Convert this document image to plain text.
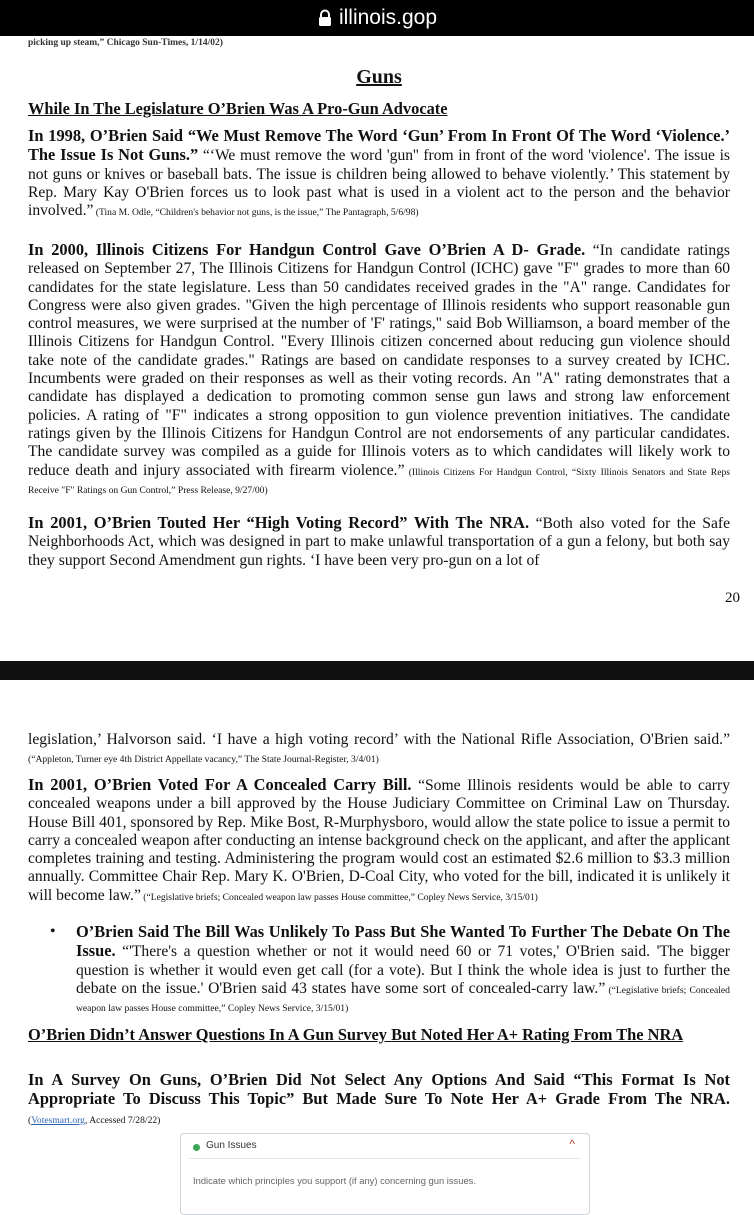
illinois.gop
picking up steam,” Chicago Sun-Times, 1/14/02)
Guns
While In The Legislature O’Brien Was A Pro-Gun Advocate

In 1998, O’Brien Said “We Must Remove The Word ‘Gun’ From In Front Of The Word ‘Violence.’ The Issue Is Not Guns.” “‘We must remove the word 'gun'' from in front of the word 'violence'. The issue is not guns or knives or baseball bats. The issue is children being allowed to behave violently.’ This statement by Rep. Mary Kay O'Brien forces us to look past what is used in a violent act to the person and the behavior involved.” (Tina M. Odle, “Children's behavior not guns, is the issue,” The Pantagraph, 5/6/98)

In 2000, Illinois Citizens For Handgun Control Gave O’Brien A D- Grade. “In candidate ratings released on September 27, The Illinois Citizens for Handgun Control (ICHC) gave "F" grades to more than 60 candidates for the state legislature. Less than 50 candidates received grades in the "A" range. Candidates for Congress were also given grades. "Given the high percentage of Illinois residents who support reasonable gun control measures, we were surprised at the number of 'F' ratings," said Bob Williamson, a board member of the Illinois Citizens for Handgun Control. "Every Illinois citizen concerned about reducing gun violence should take note of the candidate grades." Ratings are based on candidate responses to a survey created by ICHC. Incumbents were graded on their responses as well as their voting records. An "A" rating demonstrates that a candidate has displayed a dedication to promoting common sense gun laws and strong law enforcement policies. A rating of "F" indicates a strong opposition to gun violence prevention initiatives. The candidate ratings given by the Illinois Citizens for Handgun Control are not endorsements of any particular candidates. The candidate survey was compiled as a guide for Illinois voters as to which candidates will likely work to reduce death and injury associated with firearm violence.” (Illinois Citizens For Handgun Control, “Sixty Illinois Senators and State Reps Receive "F" Ratings on Gun Control,” Press Release, 9/27/00)

In 2001, O’Brien Touted Her “High Voting Record” With The NRA. “Both also voted for the Safe Neighborhoods Act, which was designed in part to make unlawful transportation of a gun a felony, but both say they support Second Amendment gun rights. ‘I have been very pro-gun on a lot of

20

legislation,’ Halvorson said. ‘I have a high voting record’ with the National Rifle Association, O'Brien said.” (“Appleton, Turner eye 4th District Appellate vacancy,” The State Journal-Register, 3/4/01)

In 2001, O’Brien Voted For A Concealed Carry Bill. “Some Illinois residents would be able to carry concealed weapons under a bill approved by the House Judiciary Committee on Criminal Law on Thursday. House Bill 401, sponsored by Rep. Mike Bost, R-Murphysboro, would allow the state police to issue a permit to carry a concealed weapon after conducting an intense background check on the applicant, and after the applicant completes training and testing. Administering the program would cost an estimated $2.6 million to $3.3 million annually. Committee Chair Rep. Mary K. O'Brien, D-Coal City, who voted for the bill, indicated it is unlikely it will become law.” (“Legislative briefs; Concealed weapon law passes House committee,” Copley News Service, 3/15/01)

•	O’Brien Said The Bill Was Unlikely To Pass But She Wanted To Further The Debate On The Issue. “'There's a question whether or not it would need 60 or 71 votes,' O'Brien said. 'The bigger question is whether it would even get call (for a vote). But I think the whole idea is just to further the debate on the issue.' O'Brien said 43 states have some sort of concealed-carry law.” (“Legislative briefs; Concealed weapon law passes House committee,” Copley News Service, 3/15/01)

O’Brien Didn’t Answer Questions In A Gun Survey But Noted Her A+ Rating From The NRA

In A Survey On Guns, O’Brien Did Not Select Any Options And Said “This Format Is Not Appropriate To Discuss This Topic” But Made Sure To Note Her A+ Grade From The NRA. (Votesmart.org, Accessed 7/28/22)

Gun Issues	^
Indicate which principles you support (if any) concerning gun issues.
